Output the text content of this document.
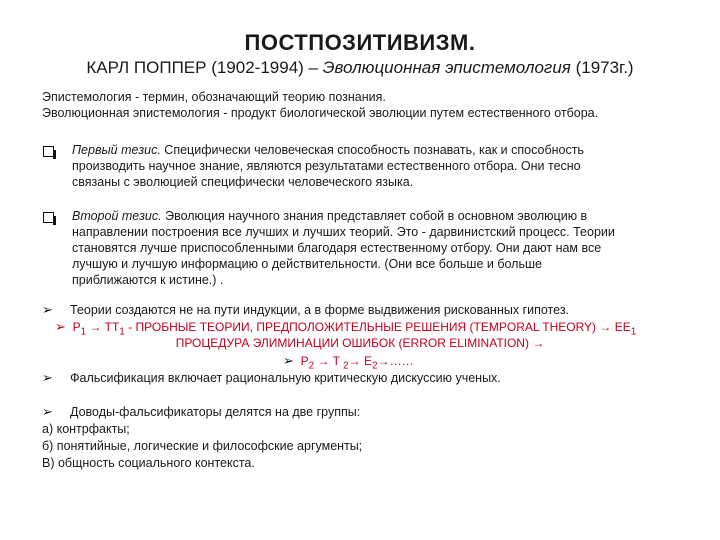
ПОСТПОЗИТИВИЗМ.
КАРЛ ПОППЕР (1902-1994) – Эволюционная эпистемология (1973г.)
Эпистемология - термин, обозначающий теорию познания.
Эволюционная эпистемология - продукт биологической эволюции путем естественного отбора.
Первый тезис. Специфически человеческая способность познавать, как и способность
производить научное знание, являются результатами естественного отбора. Они тесно
связаны с эволюцией специфически человеческого языка.
Второй тезис. Эволюция научного знания представляет собой в основном эволюцию в
направлении построения все лучших и лучших теорий. Это - дарвинистский процесс. Теории
становятся лучше приспособленными благодаря естественному отбору. Они дают нам все
лучшую и лучшую информацию о действительности. (Они все больше и больше
приближаются к истине.) .
➢ Теории создаются не на пути индукции, а в форме выдвижения рискованных гипотез.
➢ $P_1 \to TT_1$ - ПРОБНЫЕ ТЕОРИИ, ПРЕДПОЛОЖИТЕЛЬНЫЕ РЕШЕНИЯ (TEMPORAL THEORY) → $EE_1$
ПРОЦЕДУРА ЭЛИМИНАЦИИ ОШИБОК (ERROR ELIMINATION) →
➢ $P_2 \to T$ $_2\to E_2\to\dots\dots$
➢ Фальсификация включает рациональную критическую дискуссию ученых.
➢ Доводы-фальсификаторы делятся на две группы:
а) контрфакты;
б) понятийные, логические и философские аргументы;
В) общность социального контекста.
